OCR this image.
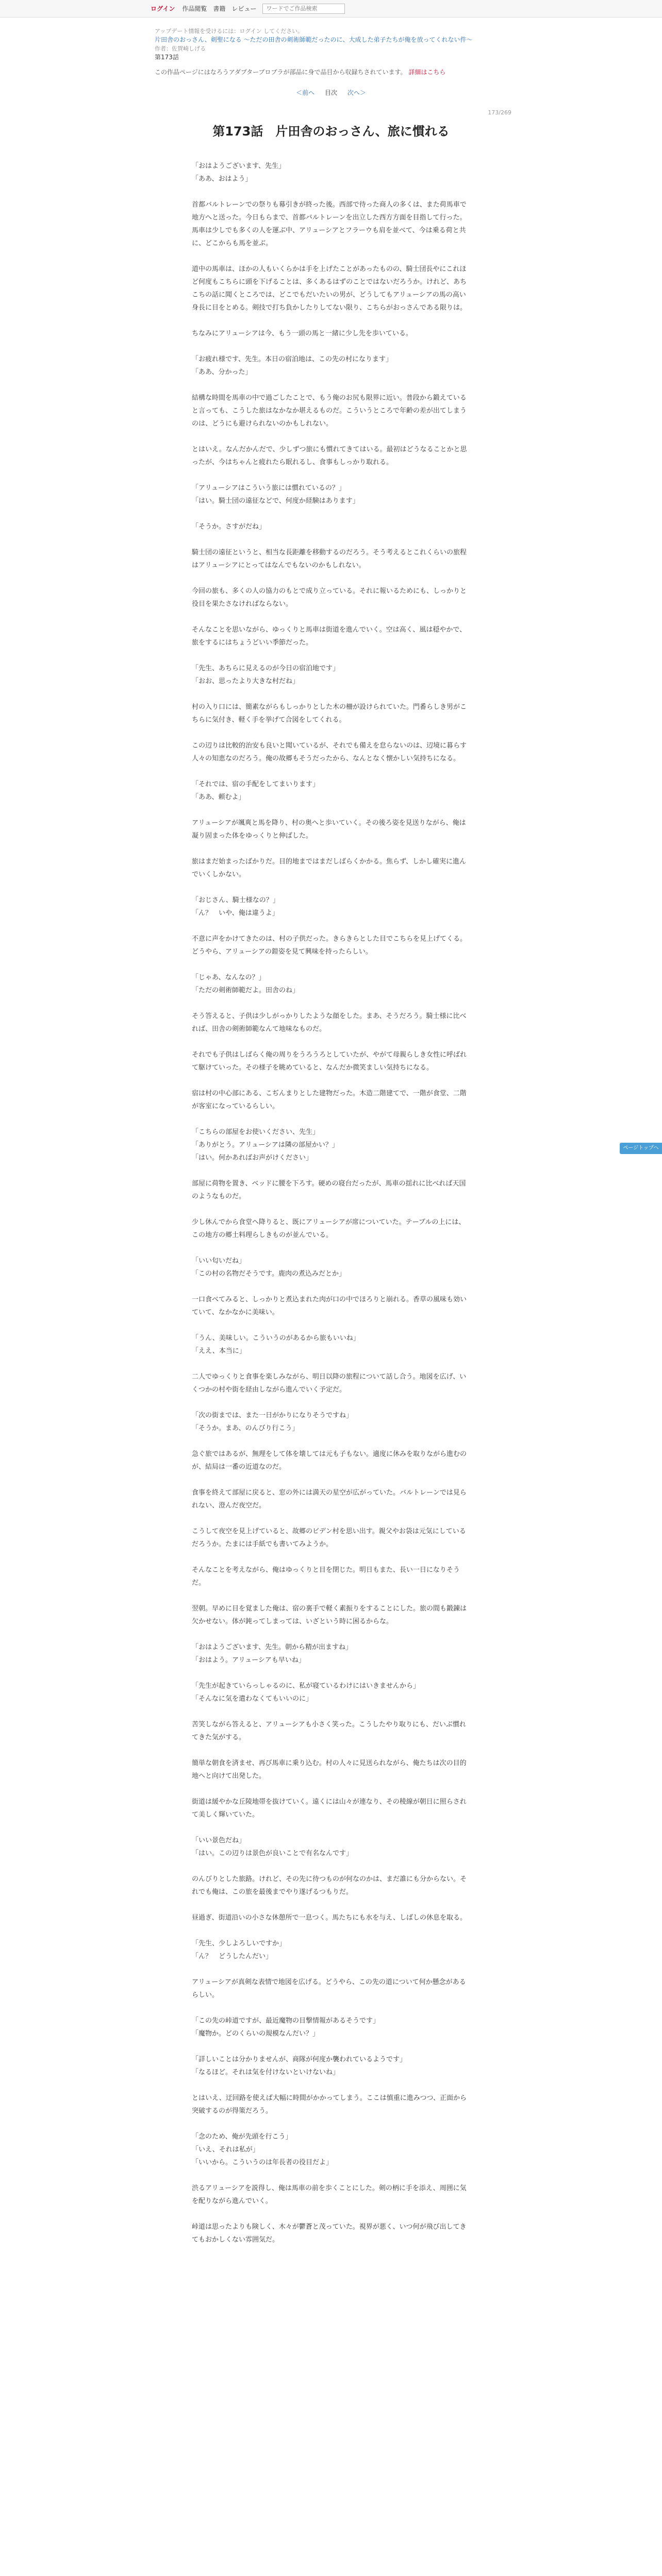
ログイン 作品閲覧 書籍 レビュー
ワードでご作品検索
アップデート情報を受けるには：ログイン してください。
片田舎のおっさん、剣聖になる ～ただの田舎の剣術師範だったのに、大成した弟子たちが俺を放ってくれない件～
作者：佐賀崎しげる
第173話
この作品ページにはなろうアダプターブロブラが部品に身で品目から収録ちされています。 詳細はこちら
＜前へ 目次 次へ＞
173/269
第173話　片田舎のおっさん、旅に慣れる
「おはようございます、先生」
「ああ、おはよう」
首都バルトレーンでの祭りも幕引きが終った後。西部で待った商人の多くは、また荷馬車で地方へと送った。今日もらまで、首都バルトレーンを出立した西方方面を目指して行った。馬車は少しでも多くの人を運ぶ中、アリューシアとフラーウも肩を並べて、今は乗る荷と共に、どこからも馬を並ぶ。
道中の馬車は、ほかの人もいくらかは手を上げたことがあったものの、騎士団長やにこれほど何度もこちらに頭を下げることは、多くあるはずのことではないだろうか。けれど、あちこちの話に聞くところでは、どこでもだいたいの男が、どうしてもアリューシアの馬の高い身長に目をとめる。剣技で打ち負かしたりしてない限り、こちらがおっさんである限りは。
ちなみにアリューシアは今、もう一頭の馬と一緒に少し先を歩いている。
「お疲れ様です、先生。本日の宿泊地は、この先の村になります」
「ああ、分かった」
結構な時間を馬車の中で過ごしたことで、もう俺のお尻も限界に近い。普段から鍛えていると言っても、こうした旅はなかなか堪えるものだ。こういうところで年齢の差が出てしまうのは、どうにも避けられないのかもしれない。
とはいえ。なんだかんだで、少しずつ旅にも慣れてきてはいる。最初はどうなることかと思ったが、今はちゃんと疲れたら眠れるし、食事もしっかり取れる。
「アリューシアはこういう旅には慣れているの？」
「はい。騎士団の遠征などで、何度か経験はあります」
「そうか。さすがだね」
騎士団の遠征というと、相当な長距離を移動するのだろう。そう考えるとこれくらいの旅程はアリューシアにとってはなんでもないのかもしれない。
今回の旅も、多くの人の協力のもとで成り立っている。それに報いるためにも、しっかりと役目を果たさなければならない。
そんなことを思いながら、ゆっくりと馬車は街道を進んでいく。空は高く、風は穏やかで、旅をするにはちょうどいい季節だった。
「先生、あちらに見えるのが今日の宿泊地です」
「おお、思ったより大きな村だね」
村の入り口には、簡素ながらもしっかりとした木の柵が設けられていた。門番らしき男がこちらに気付き、軽く手を挙げて合図をしてくれる。
この辺りは比較的治安も良いと聞いているが、それでも備えを怠らないのは、辺境に暮らす人々の知恵なのだろう。俺の故郷もそうだったから、なんとなく懐かしい気持ちになる。
「それでは、宿の手配をしてまいります」
「ああ、頼むよ」
アリューシアが颯爽と馬を降り、村の奥へと歩いていく。その後ろ姿を見送りながら、俺は凝り固まった体をゆっくりと伸ばした。
旅はまだ始まったばかりだ。目的地まではまだしばらくかかる。焦らず、しかし確実に進んでいくしかない。
「おじさん、騎士様なの？」
「ん？　いや、俺は違うよ」
不意に声をかけてきたのは、村の子供だった。きらきらとした目でこちらを見上げてくる。どうやら、アリューシアの鎧姿を見て興味を持ったらしい。
「じゃあ、なんなの？」
「ただの剣術師範だよ。田舎のね」
そう答えると、子供は少しがっかりしたような顔をした。まあ、そうだろう。騎士様に比べれば、田舎の剣術師範なんて地味なものだ。
それでも子供はしばらく俺の周りをうろうろとしていたが、やがて母親らしき女性に呼ばれて駆けていった。その様子を眺めていると、なんだか微笑ましい気持ちになる。
宿は村の中心部にある、こぢんまりとした建物だった。木造二階建てで、一階が食堂、二階が客室になっているらしい。
「こちらの部屋をお使いください、先生」
「ありがとう。アリューシアは隣の部屋かい？」
「はい。何かあればお声がけください」
部屋に荷物を置き、ベッドに腰を下ろす。硬めの寝台だったが、馬車の揺れに比べれば天国のようなものだ。
少し休んでから食堂へ降りると、既にアリューシアが席についていた。テーブルの上には、この地方の郷土料理らしきものが並んでいる。
「いい匂いだね」
「この村の名物だそうです。鹿肉の煮込みだとか」
一口食べてみると、しっかりと煮込まれた肉が口の中でほろりと崩れる。香草の風味も効いていて、なかなかに美味い。
「うん、美味しい。こういうのがあるから旅もいいね」
「ええ、本当に」
二人でゆっくりと食事を楽しみながら、明日以降の旅程について話し合う。地図を広げ、いくつかの村や街を経由しながら進んでいく予定だ。
「次の街までは、また一日がかりになりそうですね」
「そうか。まあ、のんびり行こう」
急ぐ旅ではあるが、無理をして体を壊しては元も子もない。適度に休みを取りながら進むのが、結局は一番の近道なのだ。
食事を終えて部屋に戻ると、窓の外には満天の星空が広がっていた。バルトレーンでは見られない、澄んだ夜空だ。
こうして夜空を見上げていると、故郷のビデン村を思い出す。親父やお袋は元気にしているだろうか。たまには手紙でも書いてみようか。
そんなことを考えながら、俺はゆっくりと目を閉じた。明日もまた、長い一日になりそうだ。
翌朝。早めに目を覚ました俺は、宿の裏手で軽く素振りをすることにした。旅の間も鍛錬は欠かせない。体が鈍ってしまっては、いざという時に困るからな。
「おはようございます、先生。朝から精が出ますね」
「おはよう。アリューシアも早いね」
「先生が起きていらっしゃるのに、私が寝ているわけにはいきませんから」
「そんなに気を遣わなくてもいいのに」
苦笑しながら答えると、アリューシアも小さく笑った。こうしたやり取りにも、だいぶ慣れてきた気がする。
簡単な朝食を済ませ、再び馬車に乗り込む。村の人々に見送られながら、俺たちは次の目的地へと向けて出発した。
街道は緩やかな丘陵地帯を抜けていく。遠くには山々が連なり、その稜線が朝日に照らされて美しく輝いていた。
「いい景色だね」
「はい。この辺りは景色が良いことで有名なんです」
のんびりとした旅路。けれど、その先に待つものが何なのかは、まだ誰にも分からない。それでも俺は、この旅を最後までやり遂げるつもりだ。
昼過ぎ、街道沿いの小さな休憩所で一息つく。馬たちにも水を与え、しばしの休息を取る。
「先生、少しよろしいですか」
「ん？　どうしたんだい」
アリューシアが真剣な表情で地図を広げる。どうやら、この先の道について何か懸念があるらしい。
「この先の峠道ですが、最近魔物の目撃情報があるそうです」
「魔物か。どのくらいの規模なんだい？」
「詳しいことは分かりませんが、商隊が何度か襲われているようです」
「なるほど。それは気を付けないといけないね」
とはいえ、迂回路を使えば大幅に時間がかかってしまう。ここは慎重に進みつつ、正面から突破するのが得策だろう。
「念のため、俺が先頭を行こう」
「いえ、それは私が」
「いいから。こういうのは年長者の役目だよ」
渋るアリューシアを説得し、俺は馬車の前を歩くことにした。剣の柄に手を添え、周囲に気を配りながら進んでいく。
峠道は思ったよりも険しく、木々が鬱蒼と茂っていた。視界が悪く、いつ何が飛び出してきてもおかしくない雰囲気だ。
ページトップへ
